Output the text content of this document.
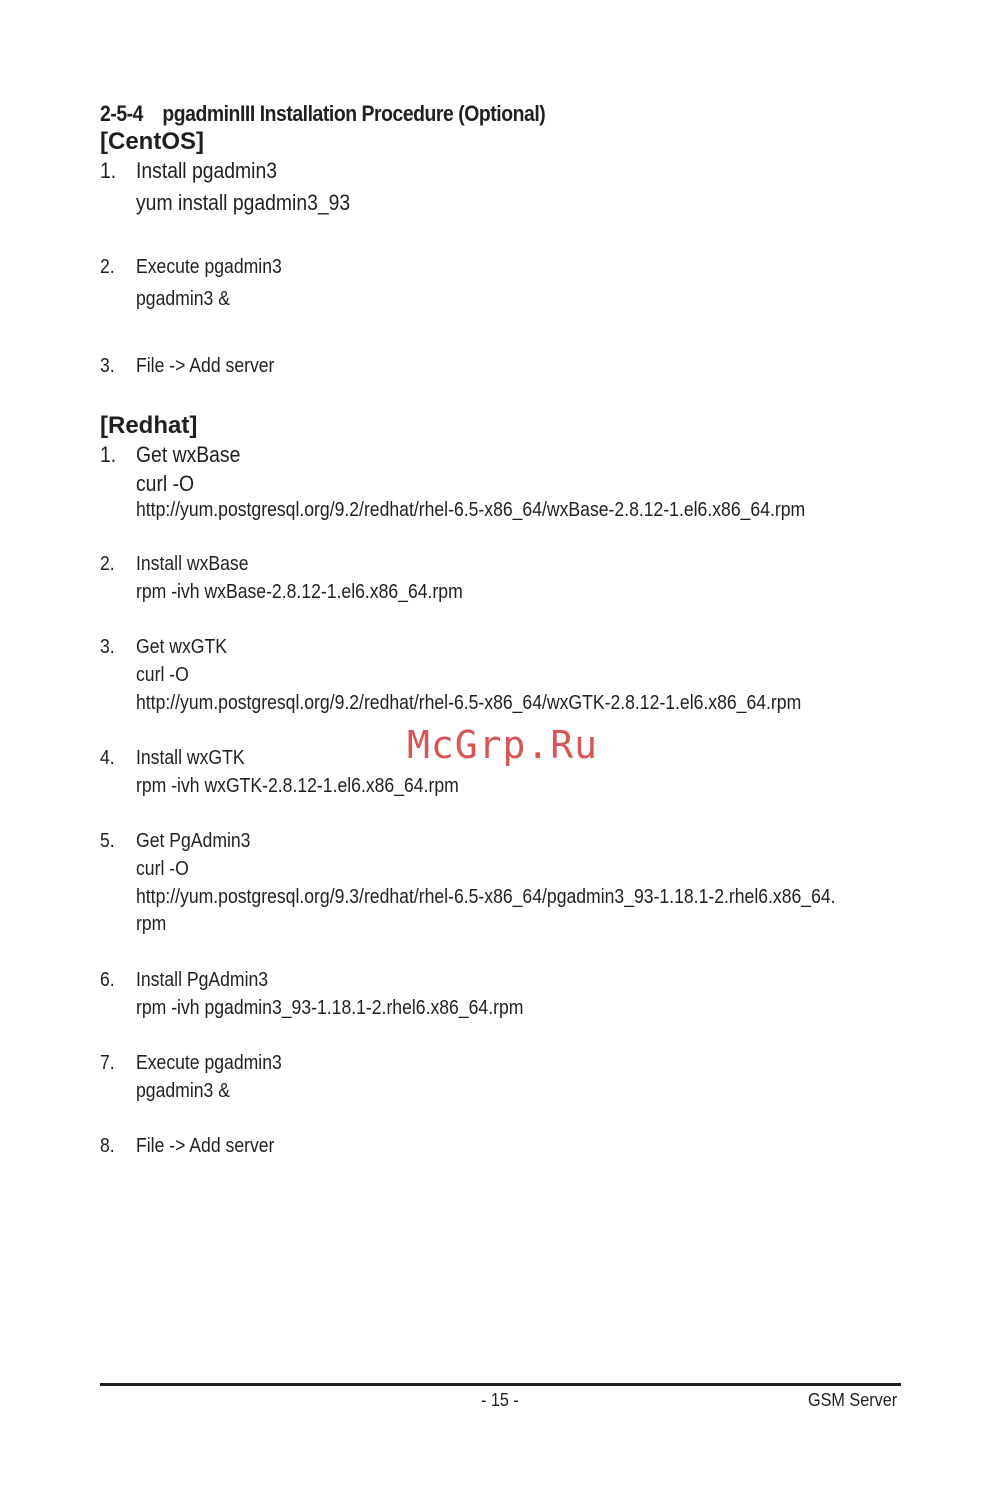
2-5-4 pgadminIII Installation Procedure (Optional)
[CentOS]
1. Install pgadmin3
yum install pgadmin3_93
2. Execute pgadmin3
pgadmin3 &
3. File -> Add server
[Redhat]
1. Get wxBase
curl -O
http://yum.postgresql.org/9.2/redhat/rhel-6.5-x86_64/wxBase-2.8.12-1.el6.x86_64.rpm
2. Install wxBase
rpm -ivh wxBase-2.8.12-1.el6.x86_64.rpm
3. Get wxGTK
curl -O
http://yum.postgresql.org/9.2/redhat/rhel-6.5-x86_64/wxGTK-2.8.12-1.el6.x86_64.rpm
4. Install wxGTK
rpm -ivh wxGTK-2.8.12-1.el6.x86_64.rpm
5. Get PgAdmin3
curl -O
http://yum.postgresql.org/9.3/redhat/rhel-6.5-x86_64/pgadmin3_93-1.18.1-2.rhel6.x86_64.
rpm
6. Install PgAdmin3
rpm -ivh pgadmin3_93-1.18.1-2.rhel6.x86_64.rpm
7. Execute pgadmin3
pgadmin3 &
8. File -> Add server
McGrp.Ru
- 15 -	GSM Server
